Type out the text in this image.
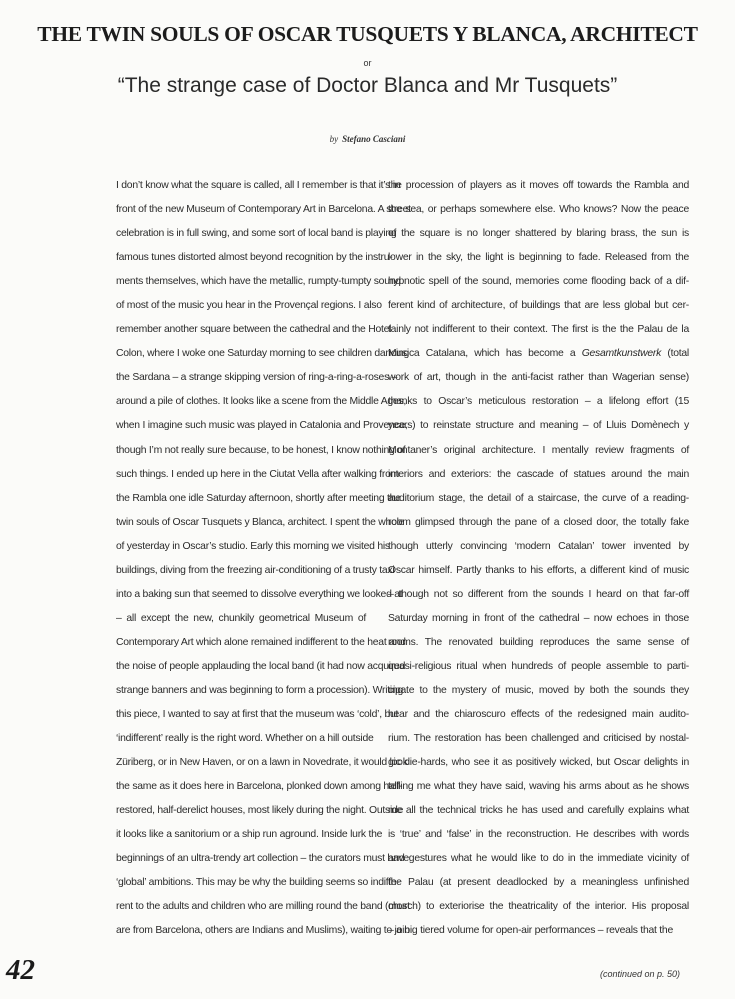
THE TWIN SOULS OF OSCAR TUSQUETS Y BLANCA, ARCHITECT
or
“The strange case of Doctor Blanca and Mr Tusquets”
by Stefano Casciani
I don’t know what the square is called, all I remember is that it’s in
front of the new Museum of Contemporary Art in Barcelona. A street
celebration is in full swing, and some sort of local band is playing
famous tunes distorted almost beyond recognition by the instru-
ments themselves, which have the metallic, rumpty-tumpty sound
of most of the music you hear in the Provençal regions. I also
remember another square between the cathedral and the Hotel
Colon, where I woke one Saturday morning to see children dancing
the Sardana – a strange skipping version of ring-a-ring-a-roses –
around a pile of clothes. It looks like a scene from the Middle Ages,
when I imagine such music was played in Catalonia and Provence,
though I’m not really sure because, to be honest, I know nothing of
such things. I ended up here in the Ciutat Vella after walking from
the Rambla one idle Saturday afternoon, shortly after meeting the
twin souls of Oscar Tusquets y Blanca, architect. I spent the whole
of yesterday in Oscar’s studio. Early this morning we visited his
buildings, diving from the freezing air-conditioning of a trusty taxi
into a baking sun that seemed to dissolve everything we looked at
– all except the new, chunkily geometrical Museum of
Contemporary Art which alone remained indifferent to the heat and
the noise of people applauding the local band (it had now acquired
strange banners and was beginning to form a procession). Writing
this piece, I wanted to say at first that the museum was ‘cold’, but
‘indifferent’ really is the right word. Whether on a hill outside
Züriberg, or in New Haven, or on a lawn in Novedrate, it would look
the same as it does here in Barcelona, plonked down among half-
restored, half-derelict houses, most likely during the night. Outside
it looks like a sanitorium or a ship run aground. Inside lurk the
beginnings of an ultra-trendy art collection – the curators must have
‘global’ ambitions. This may be why the building seems so indiffe-
rent to the adults and children who are milling round the band (most
are from Barcelona, others are Indians and Muslims), waiting to join
the procession of players as it moves off towards the Rambla and
the sea, or perhaps somewhere else. Who knows? Now the peace
of the square is no longer shattered by blaring brass, the sun is
lower in the sky, the light is beginning to fade. Released from the
hypnotic spell of the sound, memories come flooding back of a dif-
ferent kind of architecture, of buildings that are less global but cer-
tainly not indifferent to their context. The first is the the Palau de la
Musica Catalana, which has become a Gesamtkunstwerk (total
work of art, though in the anti-facist rather than Wagerian sense)
thanks to Oscar’s meticulous restoration – a lifelong effort (15
years) to reinstate structure and meaning – of Lluis Domènech y
Montaner’s original architecture. I mentally review fragments of
interiors and exteriors: the cascade of statues around the main
auditorium stage, the detail of a staircase, the curve of a reading-
room glimpsed through the pane of a closed door, the totally fake
though utterly convincing ‘modern Catalan’ tower invented by
Oscar himself. Partly thanks to his efforts, a different kind of music
– though not so different from the sounds I heard on that far-off
Saturday morning in front of the cathedral – now echoes in those
rooms. The renovated building reproduces the same sense of
quasi-religious ritual when hundreds of people assemble to parti-
cipate to the mystery of music, moved by both the sounds they
hear and the chiaroscuro effects of the redesigned main audito-
rium. The restoration has been challenged and criticised by nostal-
gic die-hards, who see it as positively wicked, but Oscar delights in
telling me what they have said, waving his arms about as he shows
me all the technical tricks he has used and carefully explains what
is ‘true’ and ‘false’ in the reconstruction. He describes with words
and gestures what he would like to do in the immediate vicinity of
the Palau (at present deadlocked by a meaningless unfinished
church) to exteriorise the theatricality of the interior. His proposal
– a big tiered volume for open-air performances – reveals that the
42	(continued on p. 50)
